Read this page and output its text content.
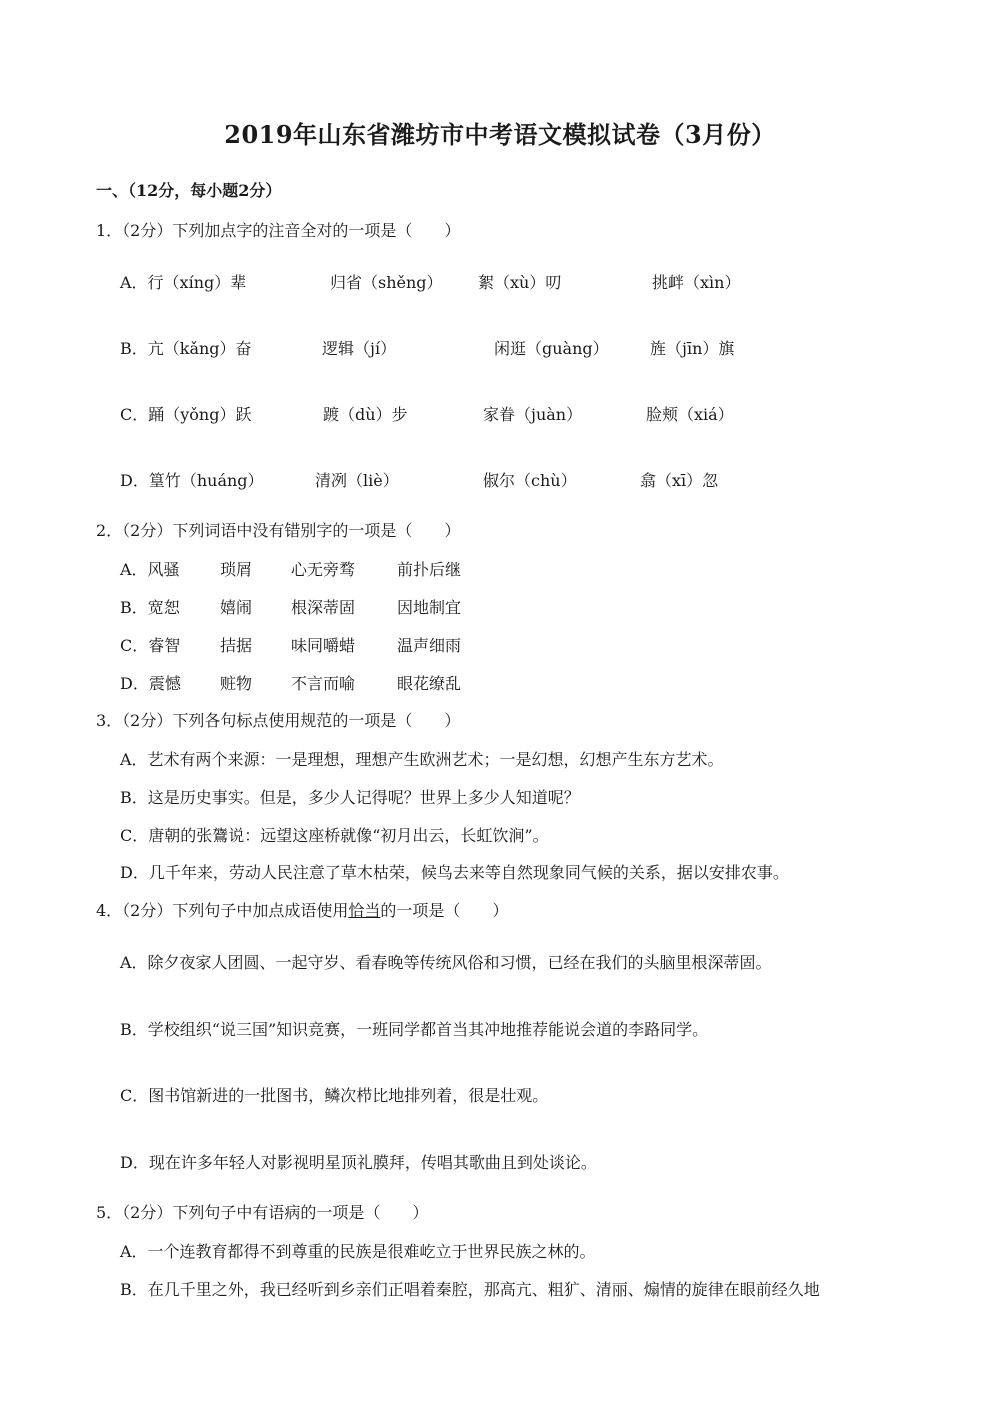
2019年山东省潍坊市中考语文模拟试卷（3月份）
一、（12分，每小题2分）
1．（2分）下列加点字的注音全对的一项是（　　）
A．行（xíng）辈	归省（shěng） 絮（xù）叨	挑衅（xìn）
B．亢（kǎng）奋	逻辑（jí）	闲逛（guàng）	旌（jīn）旗
C．踊（yǒng）跃	踱（dù）步	家眷（juàn）	脸颊（xiá）
D．篁竹（huáng）	清冽（liè）	俶尔（chù）	翕（xī）忽
2．（2分）下列词语中没有错别字的一项是（　　）
A．风骚	琐屑 心无旁骛	前扑后继
B．宽恕	嬉闹 根深蒂固	因地制宜
C．睿智 拮据 味同嚼蜡	温声细雨
D．震憾 赃物 不言而喻	眼花缭乱
3．（2分）下列各句标点使用规范的一项是（　　）
A．艺术有两个来源：一是理想，理想产生欧洲艺术；一是幻想，幻想产生东方艺术。
B．这是历史事实。但是，多少人记得呢？世界上多少人知道呢？
C．唐朝的张鷟说：远望这座桥就像“初月出云，长虹饮涧”。
D．几千年来，劳动人民注意了草木枯荣，候鸟去来等自然现象同气候的关系，据以安排农事。
4．（2分）下列句子中加点成语使用恰当的一项是（　　）
A．除夕夜家人团圆、一起守岁、看春晚等传统风俗和习惯，已经在我们的头脑里根深蒂固。
B．学校组织“说三国”知识竞赛，一班同学都首当其冲地推荐能说会道的李路同学。
C．图书馆新进的一批图书，鳞次栉比地排列着，很是壮观。
D．现在许多年轻人对影视明星顶礼膜拜，传唱其歌曲且到处谈论。
5．（2分）下列句子中有语病的一项是（　　）
A．一个连教育都得不到尊重的民族是很难屹立于世界民族之林的。
B．在几千里之外，我已经听到乡亲们正唱着秦腔，那高亢、粗犷、清丽、煽情的旋律在眼前经久地
